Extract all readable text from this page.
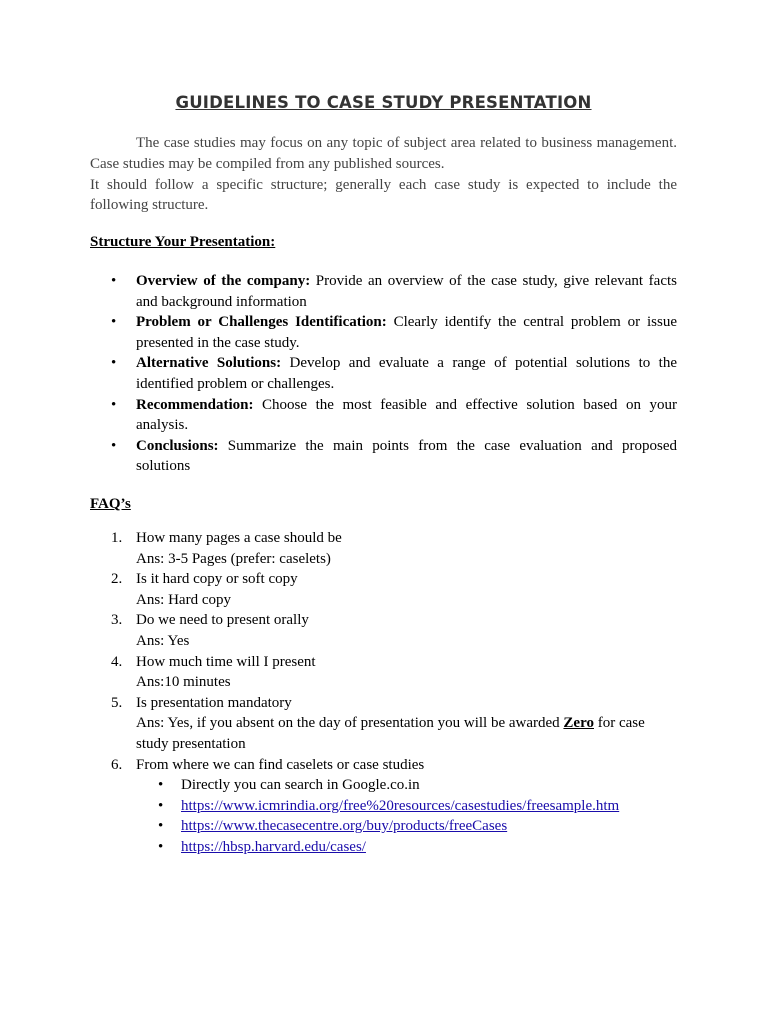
GUIDELINES TO CASE STUDY PRESENTATION

The case studies may focus on any topic of subject area related to business management. Case studies may be compiled from any published sources.

It should follow a specific structure; generally each case study is expected to include the following structure.

Structure Your Presentation:
• Overview of the company: Provide an overview of the case study, give relevant facts and background information
• Problem or Challenges Identification: Clearly identify the central problem or issue presented in the case study.
• Alternative Solutions: Develop and evaluate a range of potential solutions to the identified problem or challenges.
• Recommendation: Choose the most feasible and effective solution based on your analysis.
• Conclusions: Summarize the main points from the case evaluation and proposed solutions
FAQ’s
1. How many pages a case should be
Ans: 3-5 Pages (prefer: caselets)
2. Is it hard copy or soft copy
Ans: Hard copy
3. Do we need to present orally
Ans: Yes
4. How much time will I present
Ans:10 minutes
5. Is presentation mandatory
Ans: Yes, if you absent on the day of presentation you will be awarded Zero for case study presentation
6. From where we can find caselets or case studies
• Directly you can search in Google.co.in
• https://www.icmrindia.org/free%20resources/casestudies/freesample.htm
• https://www.thecasecentre.org/buy/products/freeCases
• https://hbsp.harvard.edu/cases/
